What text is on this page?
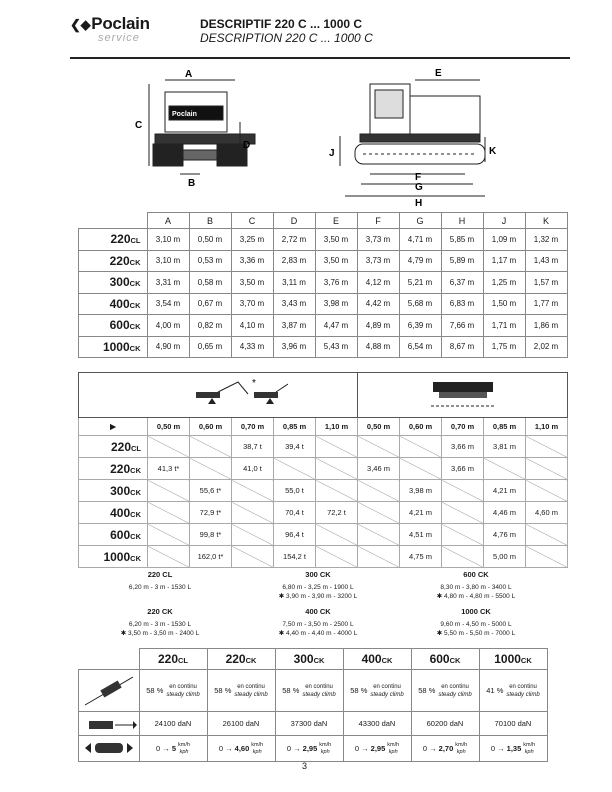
❮◆Poclain
service
DESCRIPTIF 220 C ... 1000 C
DESCRIPTION 220 C ... 1000 C
A
B
C
D
Poclain
E
F
G
H
J	K
	A	B	C	D	E	F	G	H	J	K
220CL	3,10 m	0,50 m	3,25 m	2,72 m	3,50 m	3,73 m	4,71 m	5,85 m	1,09 m	1,32 m
220CK	3,10 m	0,53 m	3,36 m	2,83 m	3,50 m	3,73 m	4,79 m	5,89 m	1,17 m	1,43 m
300CK	3,31 m	0,58 m	3,50 m	3,11 m	3,76 m	4,12 m	5,21 m	6,37 m	1,25 m	1,57 m
400CK	3,54 m	0,67 m	3,70 m	3,43 m	3,98 m	4,42 m	5,68 m	6,83 m	1,50 m	1,77 m
600CK	4,00 m	0,82 m	4,10 m	3,87 m	4,47 m	4,89 m	6,39 m	7,66 m	1,71 m	1,86 m
1000CK	4,90 m	0,65 m	4,33 m	3,96 m	5,43 m	4,88 m	6,54 m	8,67 m	1,75 m	2,02 m
*

▶	0,50 m	0,60 m	0,70 m	0,85 m	1,10 m	0,50 m	0,60 m	0,70 m	0,85 m	1,10 m
220CL			38,7 t	39,4 t				3,66 m	3,81 m	
220CK	41,3 t*		41,0 t			3,46 m		3,66 m		
300CK		55,6 t*		55,0 t			3,98 m		4,21 m	
400CK		72,9 t*		70,4 t	72,2 t		4,21 m		4,46 m	4,60 m
600CK		99,8 t*		96,4 t			4,51 m		4,76 m	
1000CK		162,0 t*		154,2 t			4,75 m		5,00 m	
220 CL
6,20 m - 3 m - 1530 L
300 CK
6,80 m - 3,25 m - 1900 L
✱ 3,90 m - 3,90 m - 3200 L
600 CK
8,30 m - 3,80 m - 3400 L
✱ 4,80 m - 4,80 m - 5500 L
220 CK
6,20 m - 3 m - 1530 L
✱ 3,50 m - 3,50 m - 2400 L
400 CK
7,50 m - 3,50 m - 2500 L
✱ 4,40 m - 4,40 m - 4000 L
1000 CK
9,60 m - 4,50 m - 5000 L
✱ 5,50 m - 5,50 m - 7000 L
	220CL	220CK	300CK	400CK	600CK	1000CK
	58 % en continu
steady climb	58 % en continu
steady climb	58 % en continu
steady climb	58 % en continu
steady climb	58 % en continu
steady climb	41 % en continu
steady climb
	24100 daN	26100 daN	37300 daN	43300 daN	60200 daN	70100 daN
	0 → 5 km/h
kph	0 → 4,60 km/h
kph	0 → 2,95 km/h
kph	0 → 2,95 km/h
kph	0 → 2,70 km/h
kph	0 → 1,35 km/h
kph
3
